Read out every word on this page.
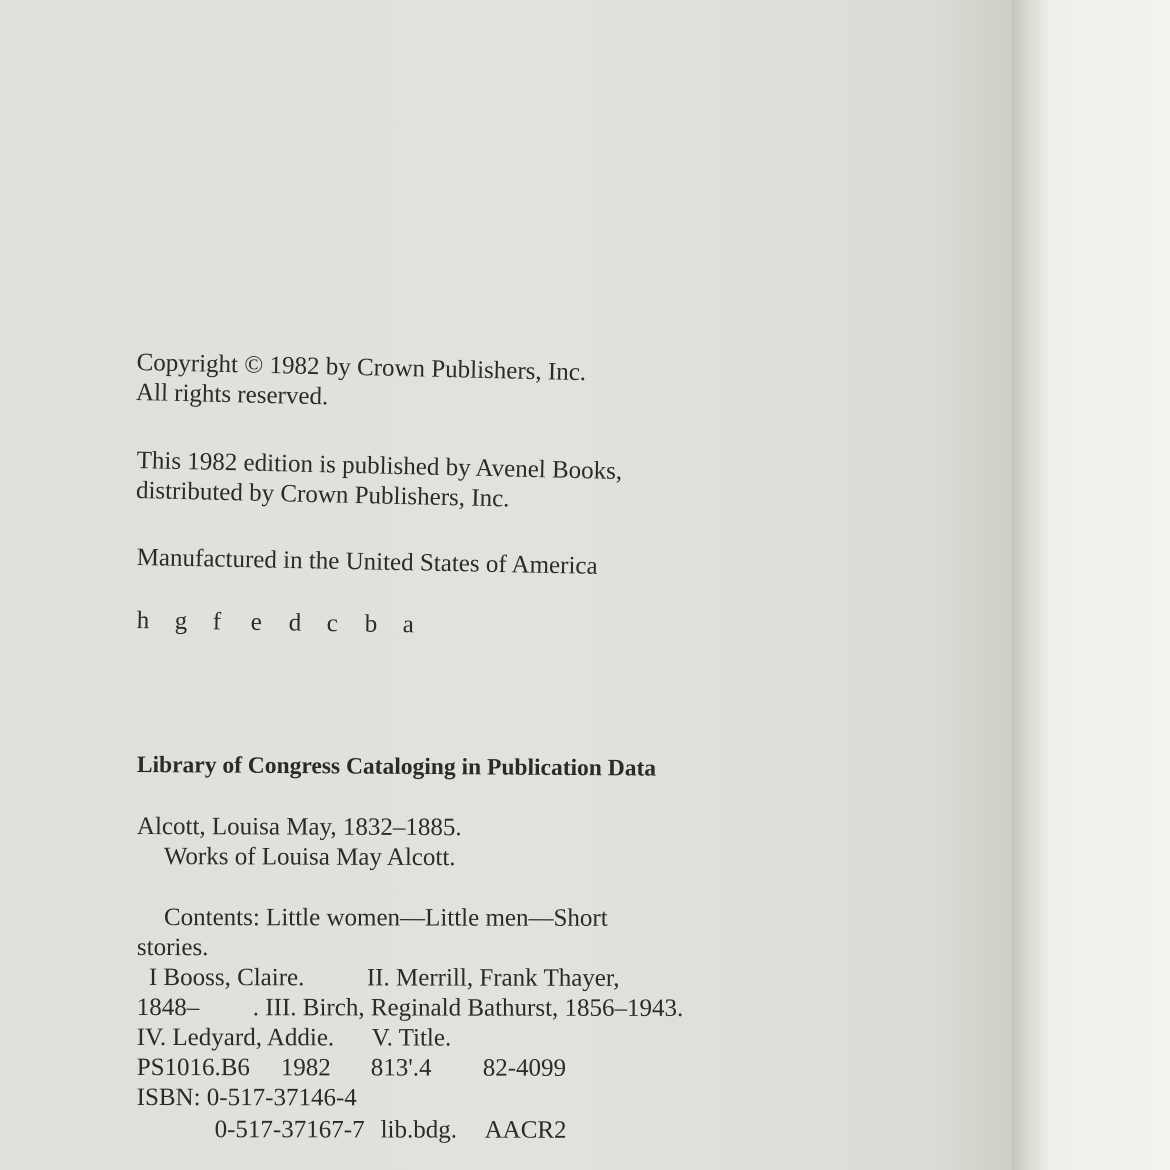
Copyright © 1982 by Crown Publishers, Inc.
All rights reserved.
This 1982 edition is published by Avenel Books,
distributed by Crown Publishers, Inc.
Manufactured in the United States of America
h g f e d c b a
Library of Congress Cataloging in Publication Data
Alcott, Louisa May, 1832–1885.
Works of Louisa May Alcott.
Contents: Little women—Little men—Short
stories.
I Booss, Claire. II. Merrill, Frank Thayer,
1848– . III. Birch, Reginald Bathurst, 1856–1943.
IV. Ledyard, Addie. V. Title.
PS1016.B6 1982 813'.4 82-4099
ISBN: 0-517-37146-4
0-517-37167-7 lib.bdg. AACR2
